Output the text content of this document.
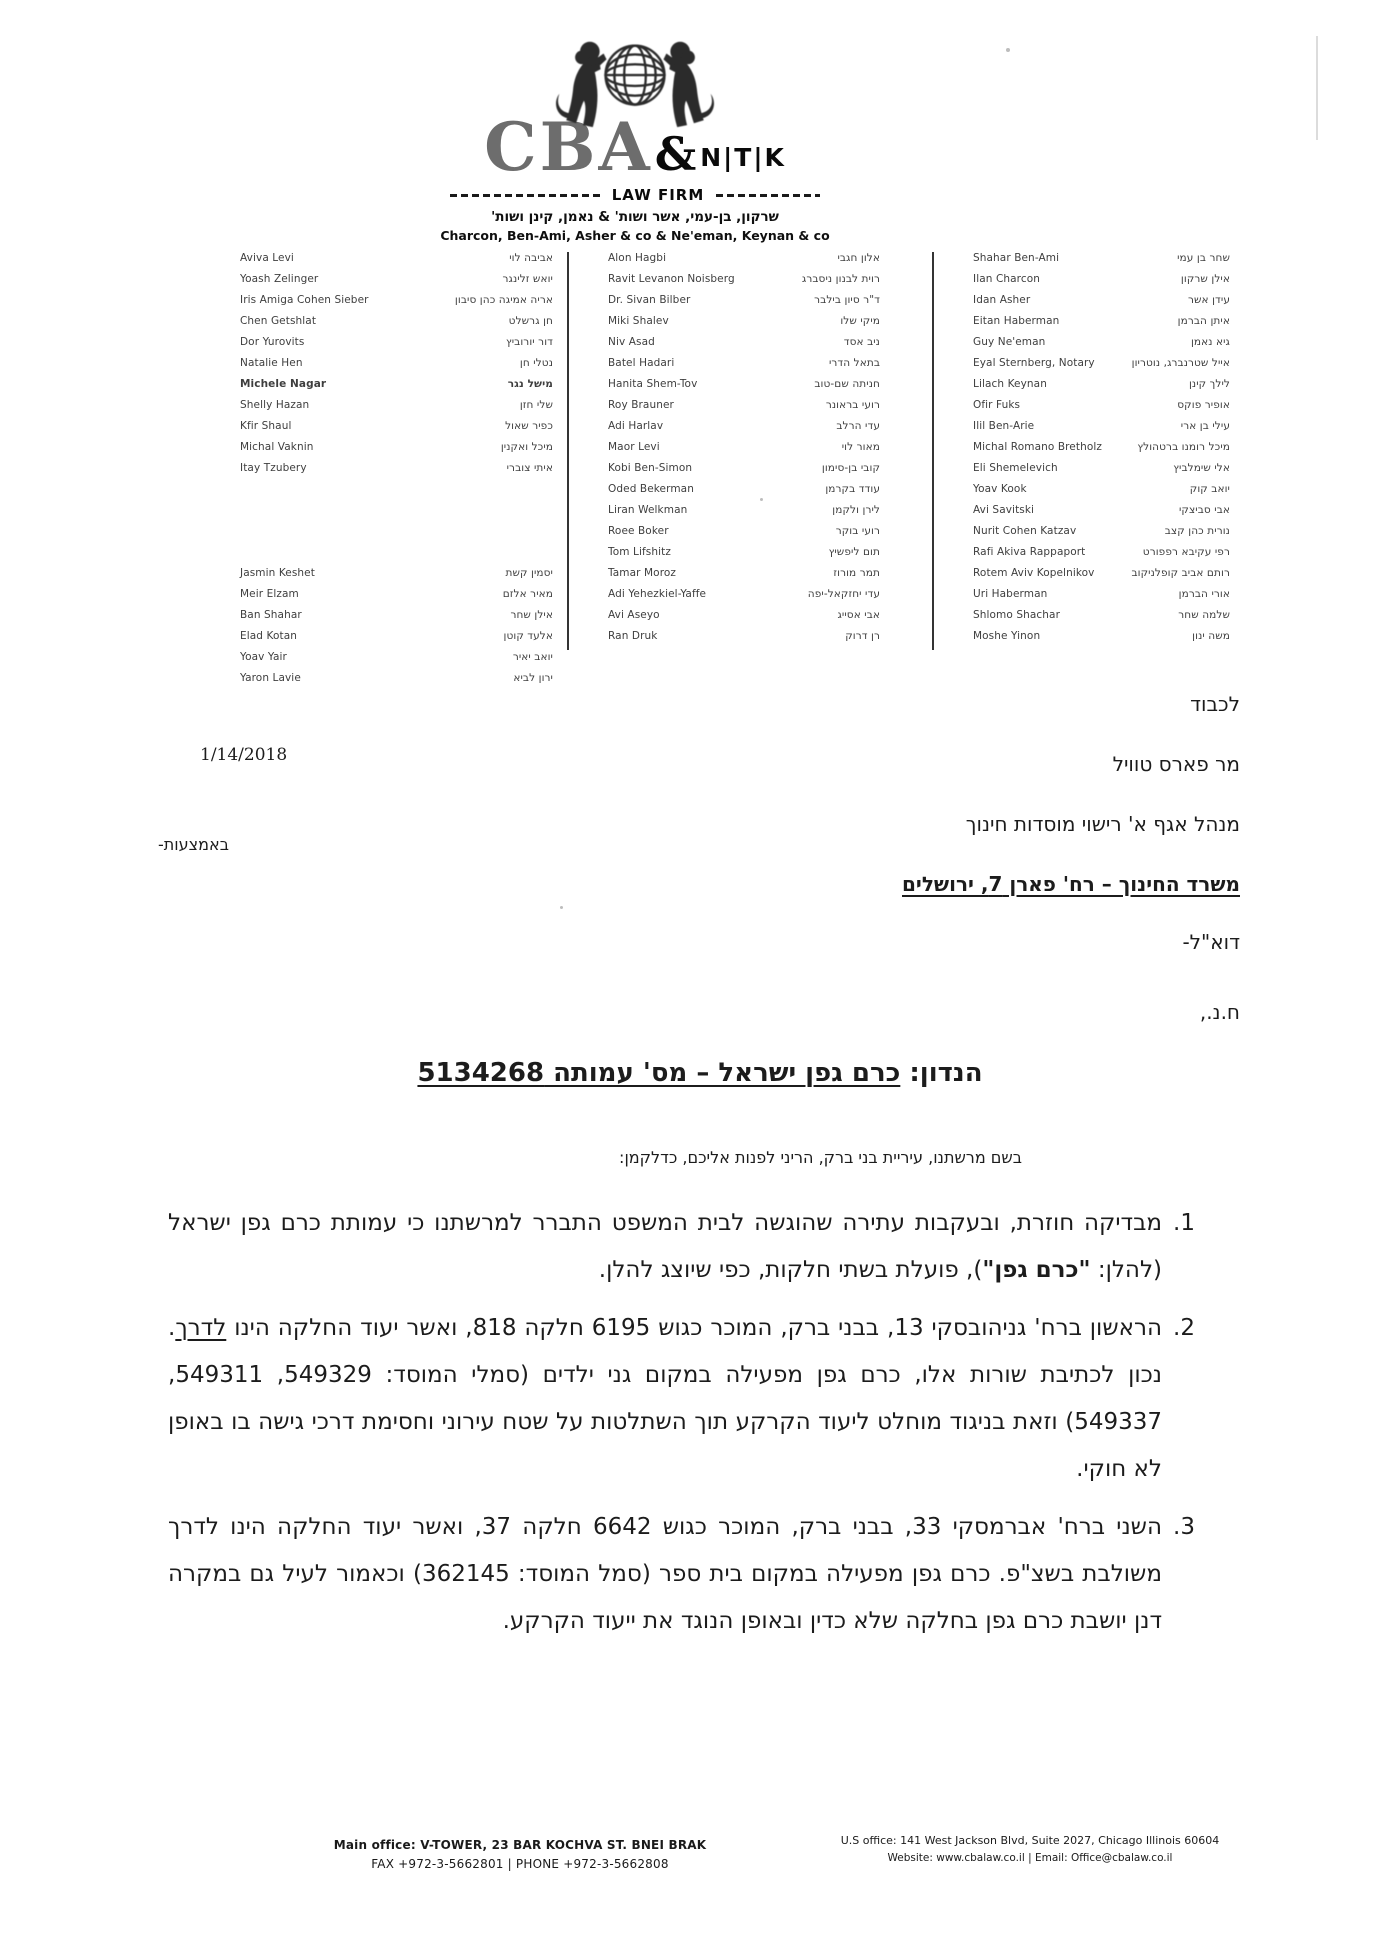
CBA & N|T|K
LAW FIRM
שרקון, בן-עמי, אשר ושות' & נאמן, קינן ושות'
Charcon, Ben-Ami, Asher & co & Ne'eman, Keynan & co
Aviva Levi
Yoash Zelinger
Iris Amiga Cohen Sieber
Chen Getshlat
Dor Yurovits
Natalie Hen
Michele Nagar
Shelly Hazan
Kfir Shaul
Michal Vaknin
Itay Tzubery
Jasmin Keshet
Meir Elzam
Ban Shahar
Elad Kotan
Yoav Yair
Yaron Lavie
אביבה לוי
יואש זלינגר
אריה אמיגה כהן סיבון
חן גרשלט
דור יורוביץ
נטלי חן
מישל נגר
שלי חזן
כפיר שאול
מיכל ואקנין
איתי צוברי
יסמין קשת
מאיר אלזם
אילן שחר
אלעד קוטן
יואב יאיר
ירון לביא
Alon Hagbi
Ravit Levanon Noisberg
Dr. Sivan Bilber
Miki Shalev
Niv Asad
Batel Hadari
Hanita Shem-Tov
Roy Brauner
Adi Harlav
Maor Levi
Kobi Ben-Simon
Oded Bekerman
Liran Welkman
Roee Boker
Tom Lifshitz
Tamar Moroz
Adi Yehezkiel-Yaffe
Avi Aseyo
Ran Druk
אלון חגבי
רוית לבנון ניסברג
ד"ר סיון בילבר
מיקי שלו
ניב אסד
בתאל הדרי
חניתה שם-טוב
רועי בראונר
עדי הרלב
מאור לוי
קובי בן-סימון
עודד בקרמן
לירן ולקמן
רועי בוקר
תום ליפשיץ
תמר מורוז
עדי יחזקאל-יפה
אבי אסייג
רן דרוק
Shahar Ben-Ami
Ilan Charcon
Idan Asher
Eitan Haberman
Guy Ne'eman
Eyal Sternberg, Notary
Lilach Keynan
Ofir Fuks
Ilil Ben-Arie
Michal Romano Bretholz
Eli Shemelevich
Yoav Kook
Avi Savitski
Nurit Cohen Katzav
Rafi Akiva Rappaport
Rotem Aviv Kopelnikov
Uri Haberman
Shlomo Shachar
Moshe Yinon
שחר בן עמי
אילן שרקון
עידן אשר
איתן הברמן
גיא נאמן
אייל שטרנברג, נוטריון
לילך קינן
אופיר פוקס
עילי בן ארי
מיכל רומנו ברטהולץ
אלי שימלביץ
יואב קוק
אבי סביצקי
נורית כהן קצב
רפי עקיבא רפפורט
רותם אביב קופלניקוב
אורי הברמן
שלמה שחר
משה ינון
לכבוד
1/14/2018	מר פארס טוויל
מנהל אגף א' רישוי מוסדות חינוך
משרד החינוך – רח' פארן 7, ירושלים
באמצעות-
דוא"ל-
ח.נ.,
הנדון: כרם גפן ישראל – מס' עמותה 5134268
בשם מרשתנו, עיריית בני ברק, הריני לפנות אליכם, כדלקמן:
1.
מבדיקה חוזרת, ובעקבות עתירה שהוגשה לבית המשפט התברר למרשתנו כי עמותת כרם גפן ישראל (להלן: "כרם גפן"), פועלת בשתי חלקות, כפי שיוצג להלן.
2.
הראשון ברח' גניהובסקי 13, בבני ברק, המוכר כגוש 6195 חלקה 818, ואשר יעוד החלקה הינו לדרך. נכון לכתיבת שורות אלו, כרם גפן מפעילה במקום גני ילדים (סמלי המוסד: 549329, 549311, 549337) וזאת בניגוד מוחלט ליעוד הקרקע תוך השתלטות על שטח עירוני וחסימת דרכי גישה בו באופן לא חוקי.
3.
השני ברח' אברמסקי 33, בבני ברק, המוכר כגוש 6642 חלקה 37, ואשר יעוד החלקה הינו לדרך משולבת בשצ"פ. כרם גפן מפעילה במקום בית ספר (סמל המוסד: 362145) וכאמור לעיל גם במקרה דנן יושבת כרם גפן בחלקה שלא כדין ובאופן הנוגד את ייעוד הקרקע.
Main office: V-TOWER, 23 BAR KOCHVA ST. BNEI BRAK
FAX +972-3-5662801 | PHONE +972-3-5662808
U.S office: 141 West Jackson Blvd, Suite 2027, Chicago Illinois 60604
Website: www.cbalaw.co.il | Email: Office@cbalaw.co.il
